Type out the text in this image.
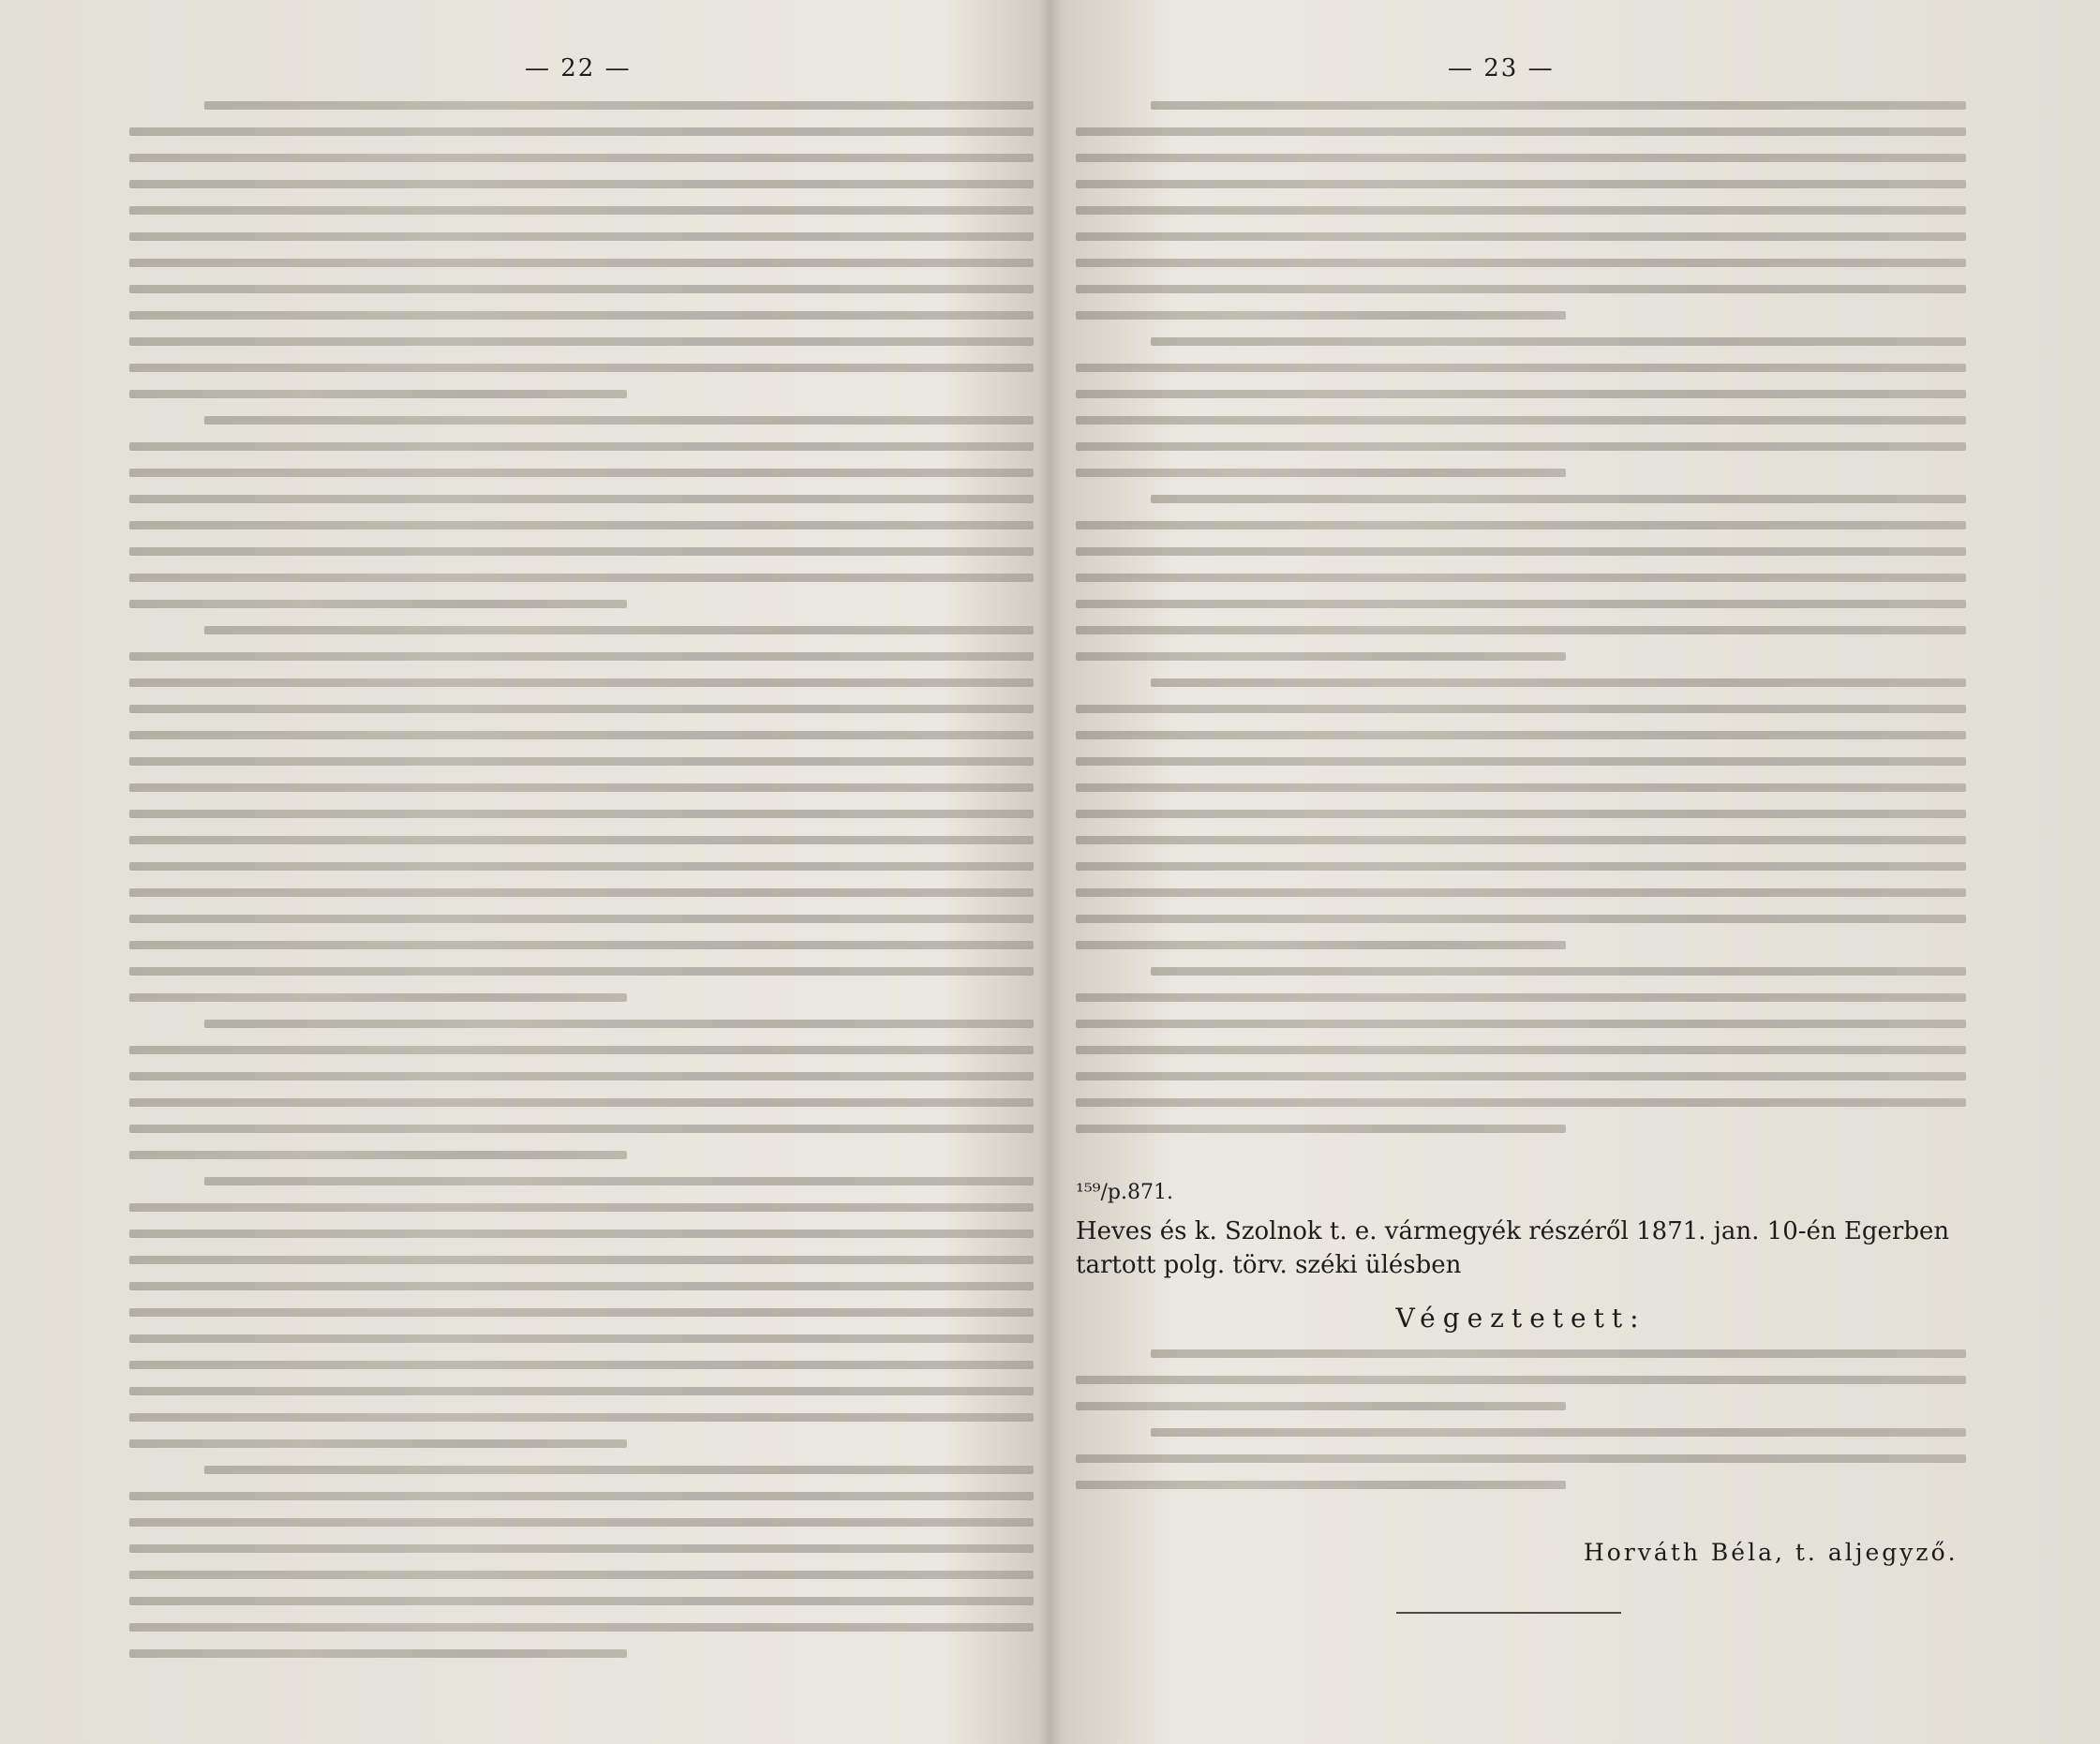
— 22 —	— 23 —
¹⁵⁹/p.871.
Heves és k. Szolnok t. e. vármegyék részéről 1871. jan. 10-én Egerben tartott polg. törv. széki ülésben
Végeztetett:
Horváth Béla, t. aljegyző.
